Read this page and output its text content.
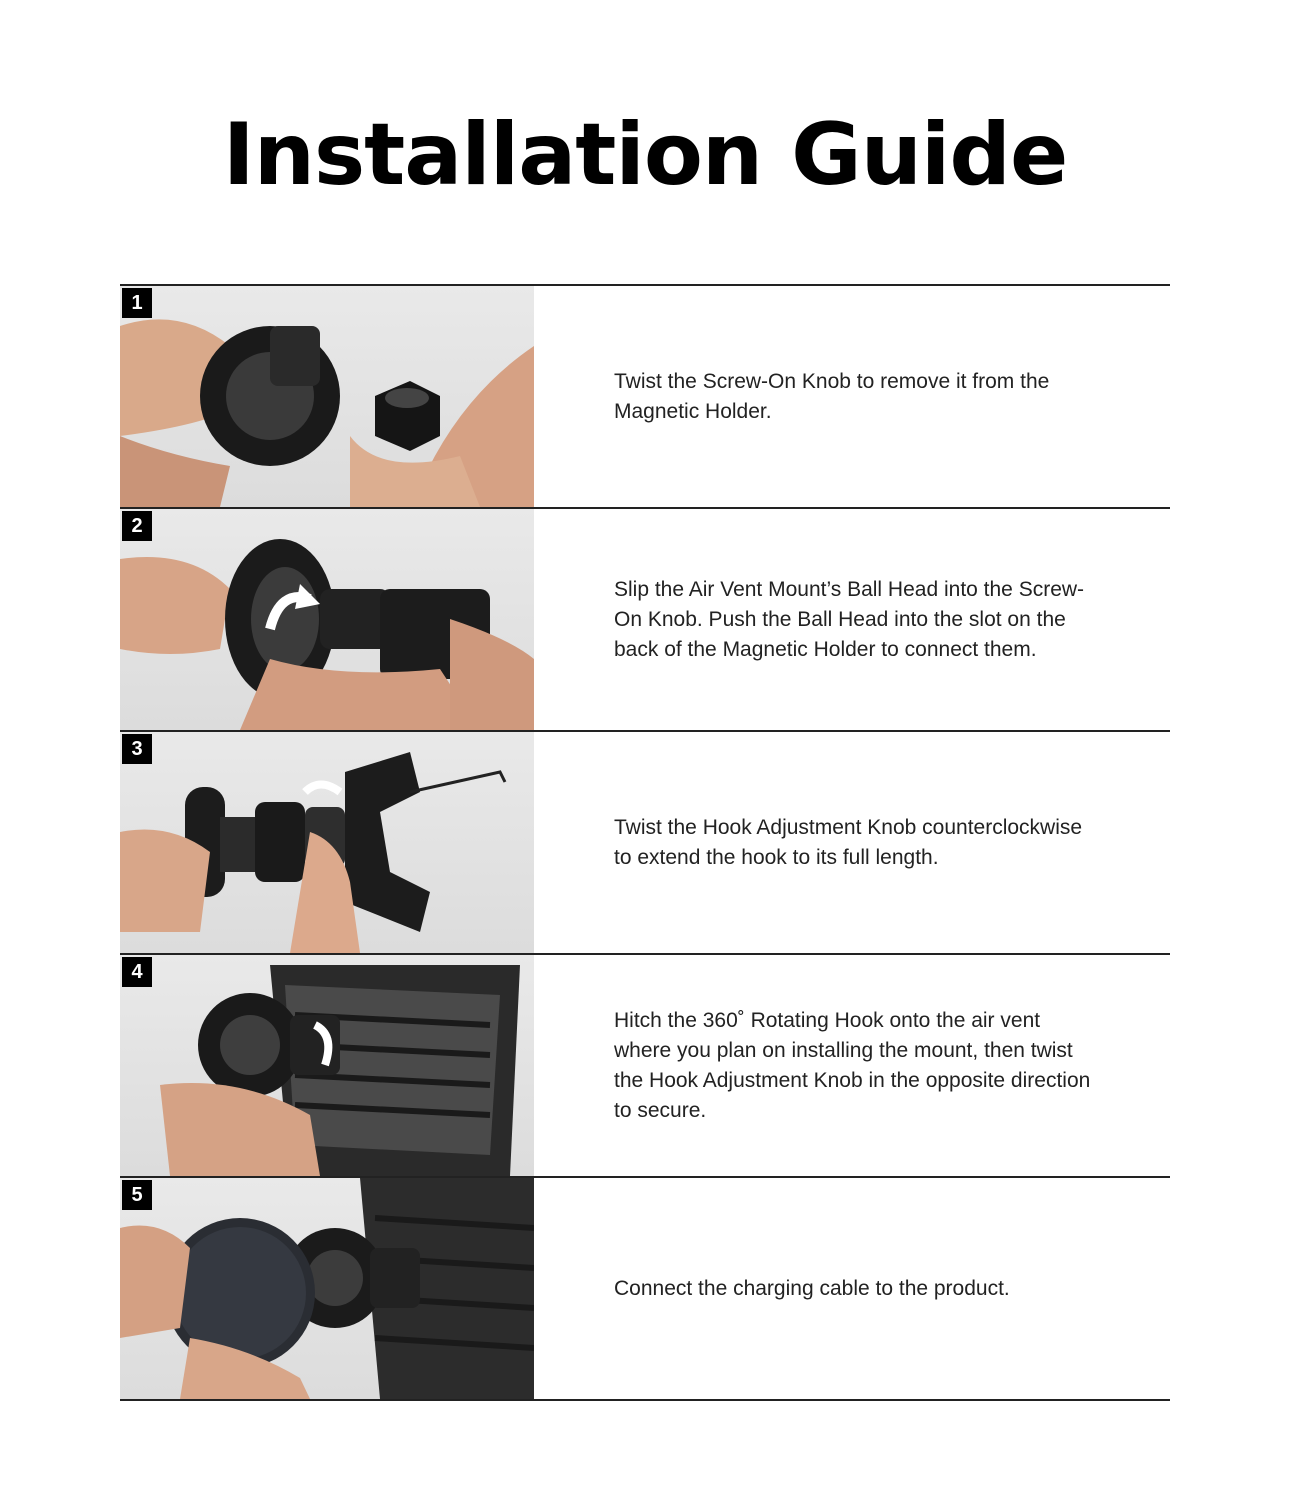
Installation Guide
1
Twist the Screw-On Knob to remove it from the Magnetic Holder.
2
Slip the Air Vent Mount’s Ball Head into the Screw-On Knob. Push the Ball Head into the slot on the back of the Magnetic Holder to connect them.
3
Twist the Hook Adjustment Knob counterclockwise to extend the hook to its full length.
4
Hitch the 360˚ Rotating Hook onto the air vent where you plan on installing the mount, then twist the Hook Adjustment Knob in the opposite direction to secure.
5
Connect the charging cable to the product.
